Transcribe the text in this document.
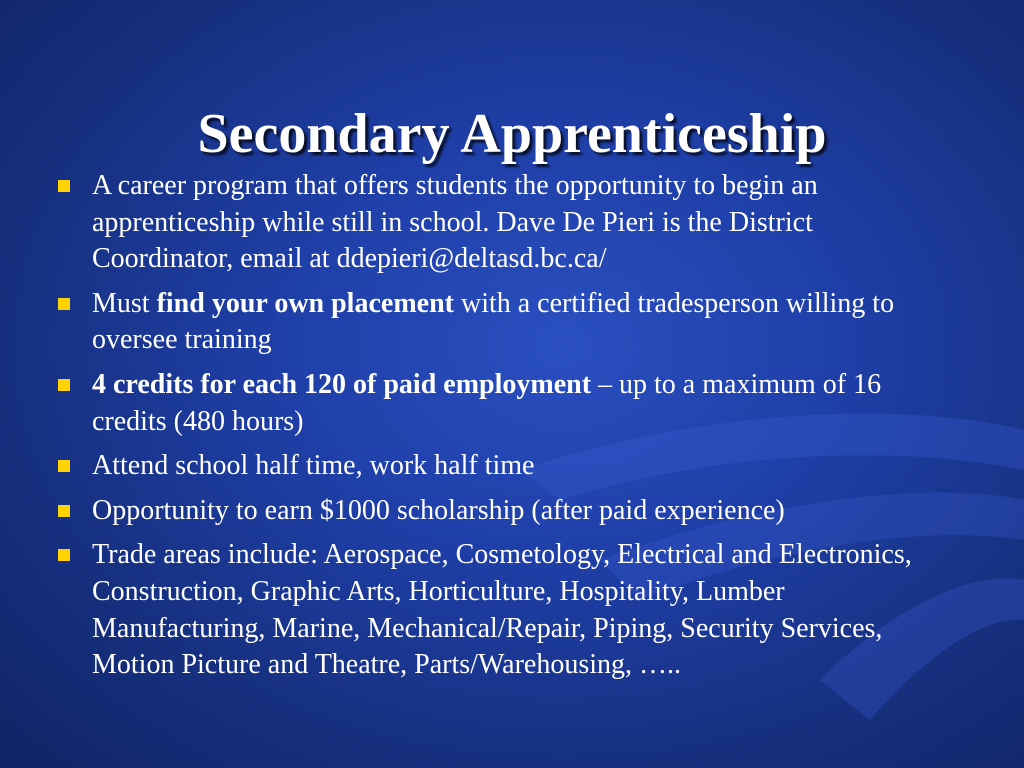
Secondary Apprenticeship
A career program that offers students the opportunity to begin an apprenticeship while still in school. Dave De Pieri is the District Coordinator, email at ddepieri@deltasd.bc.ca/
Must find your own placement with a certified tradesperson willing to oversee training
4 credits for each 120 of paid employment – up to a maximum of 16 credits (480 hours)
Attend school half time, work half time
Opportunity to earn $1000 scholarship (after paid experience)
Trade areas include: Aerospace, Cosmetology, Electrical and Electronics, Construction, Graphic Arts, Horticulture, Hospitality, Lumber Manufacturing, Marine, Mechanical/Repair, Piping, Security Services, Motion Picture and Theatre, Parts/Warehousing, …..
